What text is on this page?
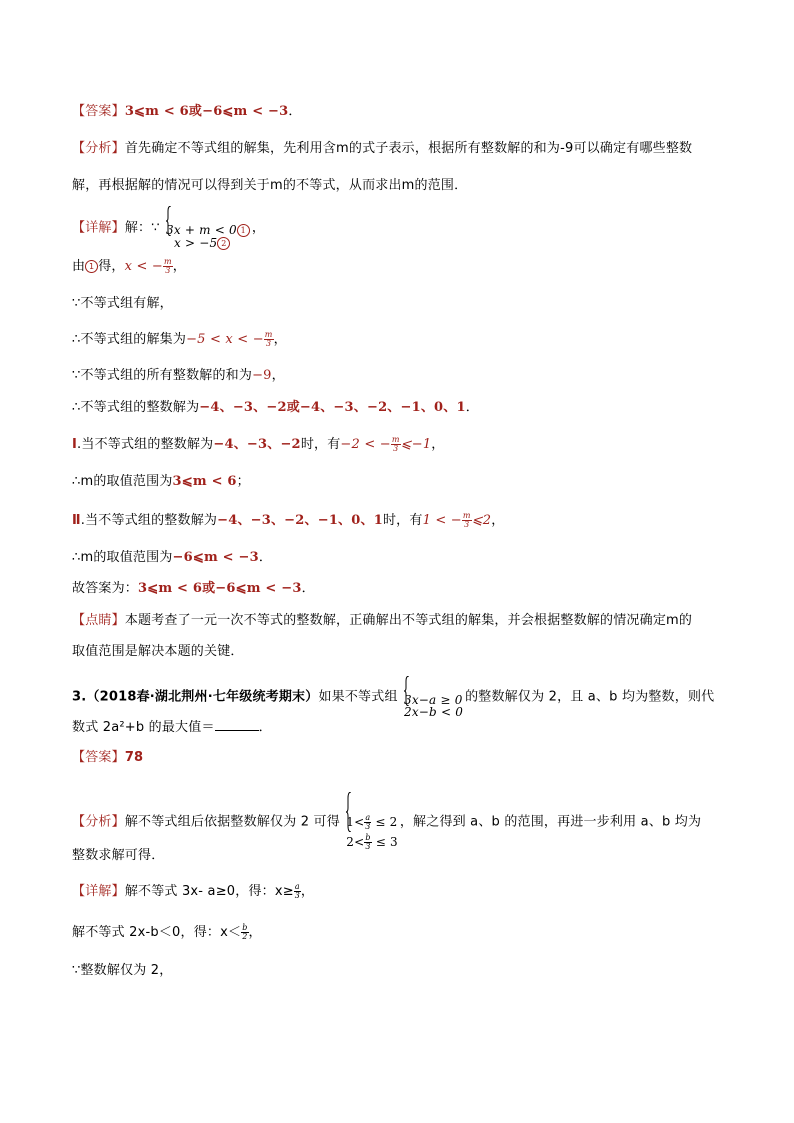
【答案】3⩽m < 6或−6⩽m < −3．
【分析】首先确定不等式组的解集，先利用含m的式子表示，根据所有整数解的和为-9可以确定有哪些整数
解，再根据解的情况可以得到关于m的不等式，从而求出m的范围．
【详解】解：∵ 3x + m < 0 1
x > −5 2
，
由 1 得，x < − $\frac{m}{3}$ ，
∵不等式组有解，
∴不等式组的解集为−5 < x < − $\frac{m}{3}$ ，
∵不等式组的所有整数解的和为−9，
∴不等式组的整数解为−4、−3、−2或−4、−3、−2、−1、0、1．
Ⅰ.当不等式组的整数解为−4、−3、−2时，有−2 < − $\frac{m}{3}$ ⩽−1，
∴m的取值范围为3⩽m < 6；
Ⅱ.当不等式组的整数解为−4、−3、−2、−1、0、1时，有1 < − $\frac{m}{3}$ ⩽2，
∴m的取值范围为−6⩽m < −3．
故答案为：3⩽m < 6或−6⩽m < −3．
【点睛】本题考查了一元一次不等式的整数解，正确解出不等式组的解集，并会根据整数解的情况确定m的
取值范围是解决本题的关键．
3.（2018春·湖北荆州·七年级统考期末）如果不等式组 3x−a ≥ 0
2x−b < 0
的整数解仅为 2，且 a、b 均为整数，则代
数式 2a²+b 的最大值＝	．
【答案】78
【分析】解不等式组后依据整数解仅为 2 可得 $1< \frac{a}{3} \le 2$
$2< \frac{b}{3} \le 3$
，解之得到 a、b 的范围，再进一步利用 a、b 均为
整数求解可得．
【详解】解不等式 3x- a≥0，得：$x\ge \frac{a}{3}$ ，
解不等式 2x-b＜0，得：$x< \frac{b}{2}$ ，
∵整数解仅为 2，
